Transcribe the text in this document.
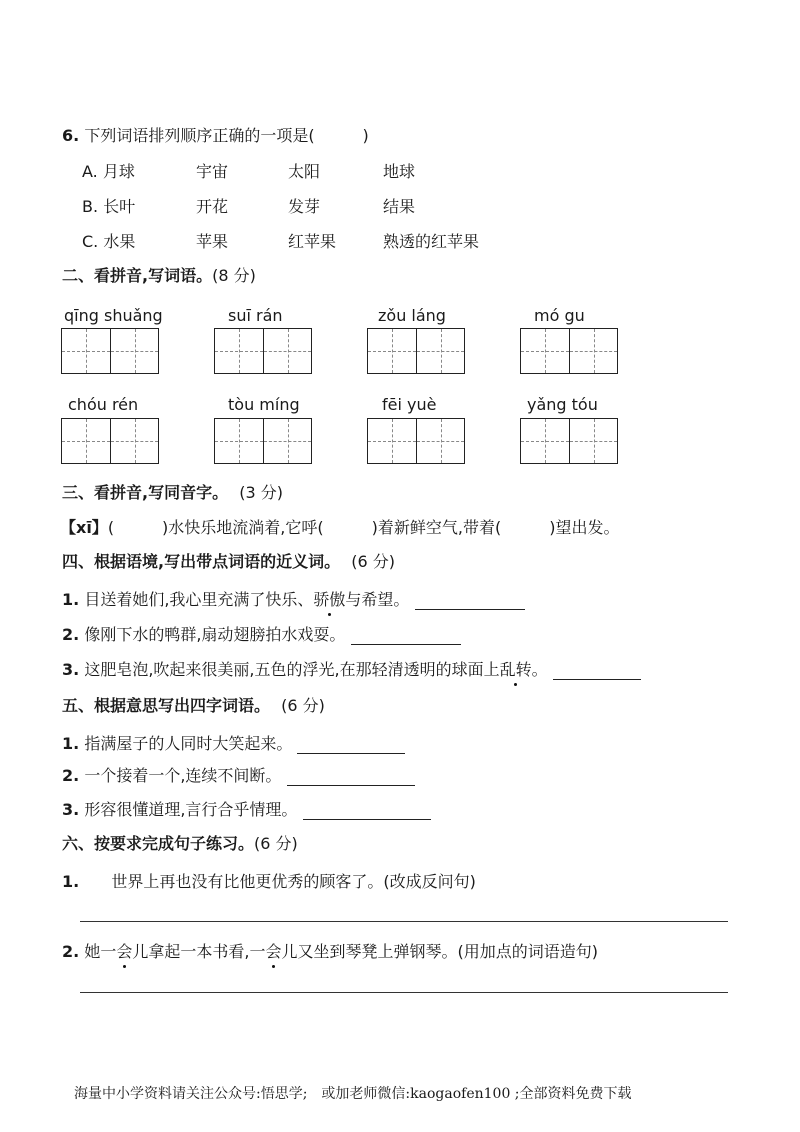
6. 下列词语排列顺序正确的一项是(　　　)
A. 月球	宇宙	太阳	地球
B. 长叶	开花	发芽	结果
C. 水果	苹果	红苹果	熟透的红苹果
二、看拼音,写词语。(8 分)
qīng shuǎng	suī rán	zǒu láng	mó gu
chóu rén	tòu míng	fēi yuè	yǎng tóu
三、看拼音,写同音字。 (3 分)
【xī】(　　　)水快乐地流淌着,它呼(　　　)着新鲜空气,带着(　　　)望出发。
四、根据语境,写出带点词语的近义词。 (6 分)
1. 目送着她们,我心里充满了快乐、骄傲与希望。
2. 像刚下水的鸭群,扇动翅膀拍水戏耍。
3. 这肥皂泡,吹起来很美丽,五色的浮光,在那轻清透明的球面上乱转。
五、根据意思写出四字词语。 (6 分)
1. 指满屋子的人同时大笑起来。
2. 一个接着一个,连续不间断。
3. 形容很懂道理,言行合乎情理。
六、按要求完成句子练习。(6 分)
1. 世界上再也没有比他更优秀的顾客了。(改成反问句)
2. 她一会儿拿起一本书看,一会儿又坐到琴凳上弹钢琴。(用加点的词语造句)
海量中小学资料请关注公众号:悟思学;　或加老师微信:kaogaofen100 ;全部资料免费下载
